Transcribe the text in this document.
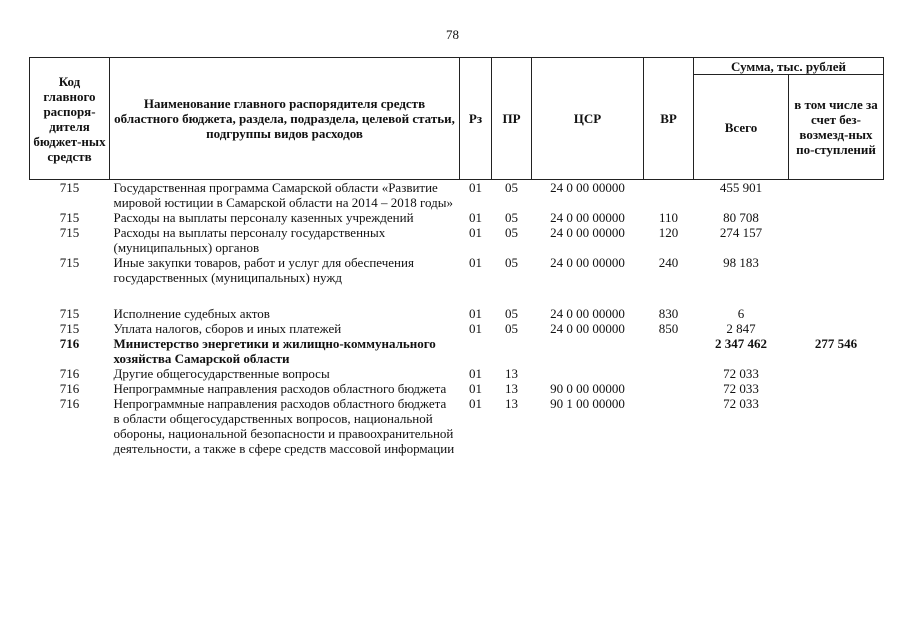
78
Код главного распоря-дителя бюджет-ных средств	Наименование главного распорядителя средств областного бюджета, раздела, подраздела, целевой статьи, подгруппы видов расходов	Рз	ПР	ЦСР	ВР	Сумма, тыс. рублей	
						Всего	в том числе за счет без-возмезд-ных по-ступлений
715	Государственная программа Самарской области «Развитие мировой юстиции в Самарской области на 2014 – 2018 годы»	01	05	24 0 00 00000		455 901	
715	Расходы на выплаты персоналу казенных учреждений	01	05	24 0 00 00000	110	80 708	
715	Расходы на выплаты персоналу государственных (муниципальных) органов	01	05	24 0 00 00000	120	274 157	
715	Иные закупки товаров, работ и услуг для обеспечения государственных (муниципальных) нужд	01	05	24 0 00 00000	240	98 183	
715	Исполнение судебных актов	01	05	24 0 00 00000	830	6	
715	Уплата налогов, сборов и иных платежей	01	05	24 0 00 00000	850	2 847	
716	Министерство энергетики и жилищно-коммунального хозяйства Самарской области					2 347 462	277 546
716	Другие общегосударственные вопросы	01	13			72 033	
716	Непрограммные направления расходов областного бюджета	01	13	90 0 00 00000		72 033	
716	Непрограммные направления расходов областного бюджета в области общегосударственных вопросов, национальной обороны, национальной безопасности и правоохранительной деятельности, а также в сфере средств массовой информации	01	13	90 1 00 00000		72 033	
